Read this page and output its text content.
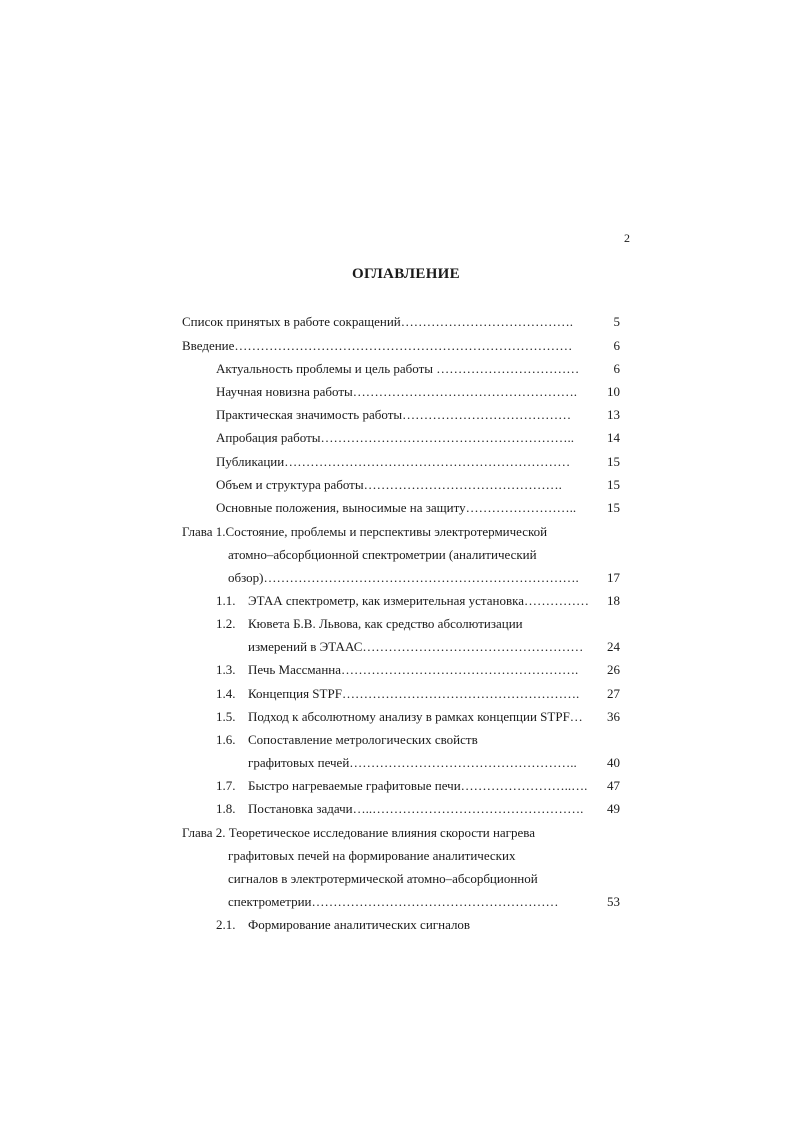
2
ОГЛАВЛЕНИЕ
Список принятых в работе сокращений………………………………….	5
Введение……………………………………………………………………	6
Актуальность проблемы и цель работы ……………………………	6
Научная новизна работы…………………………………………….	10
Практическая значимость работы…………………………………	13
Апробация работы…………………………………………………..	14
Публикации…………………………………………………………	15
Объем и структура работы……………………………………….	15
Основные положения, выносимые на защиту……………………..	15
Глава 1.Состояние, проблемы и перспективы электротермической
атомно–абсорбционной спектрометрии (аналитический
обзор)……………………………………………………………….	17
1.1. ЭТАА спектрометр, как измерительная установка……………	18
1.2. Кювета Б.В. Львова, как средство абсолютизации
измерений в ЭТААС……………………………………………	24
1.3. Печь Массманна……………………………………………….	26
1.4. Концепция STPF……………………………………………….	27
1.5. Подход к абсолютному анализу в рамках концепции STPF…	36
1.6. Сопоставление метрологических свойств
графитовых печей……………………………………………..	40
1.7. Быстро нагреваемые графитовые печи……………………..….	47
1.8. Постановка задачи…..………………………………………….	49
Глава 2. Теоретическое исследование влияния скорости нагрева
графитовых печей на формирование аналитических
сигналов в электротермической атомно–абсорбционной
спектрометрии…………………………………………………	53
2.1. Формирование аналитических сигналов
